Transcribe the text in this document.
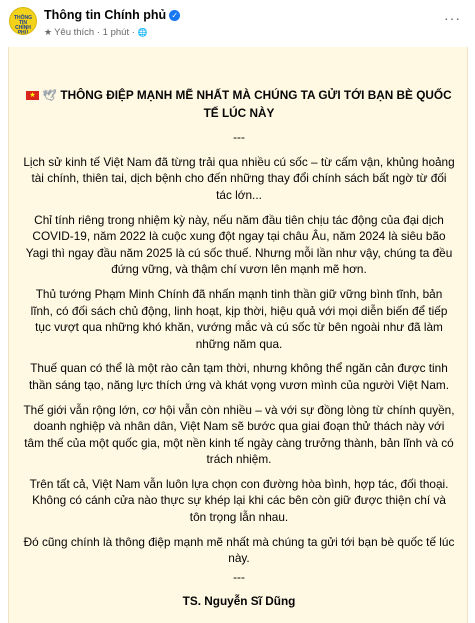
THÔNG TIN CHÍNH PHỦ
Thông tin Chính phủ ✓
★ Yêu thích · 1 phút · 🌐
···

★ 🕊 THÔNG ĐIỆP MẠNH MẼ NHẤT MÀ CHÚNG TA GỬI TỚI BẠN BÈ QUỐC TẾ LÚC NÀY

---

Lịch sử kinh tế Việt Nam đã từng trải qua nhiều cú sốc – từ cấm vận, khủng hoảng tài chính, thiên tai, dịch bệnh cho đến những thay đổi chính sách bất ngờ từ đối tác lớn...

Chỉ tính riêng trong nhiệm kỳ này, nếu năm đầu tiên chịu tác động của đại dịch COVID-19, năm 2022 là cuộc xung đột ngay tại châu Âu, năm 2024 là siêu bão Yagi thì ngay đầu năm 2025 là cú sốc thuế. Nhưng mỗi lần như vậy, chúng ta đều đứng vững, và thậm chí vươn lên mạnh mẽ hơn.

Thủ tướng Phạm Minh Chính đã nhấn mạnh tinh thần giữ vững bình tĩnh, bản lĩnh, có đối sách chủ động, linh hoạt, kịp thời, hiệu quả với mọi diễn biến để tiếp tục vượt qua những khó khăn, vướng mắc và cú sốc từ bên ngoài như đã làm những năm qua.

Thuế quan có thể là một rào cản tạm thời, nhưng không thể ngăn cản được tinh thần sáng tạo, năng lực thích ứng và khát vọng vươn mình của người Việt Nam.

Thế giới vẫn rộng lớn, cơ hội vẫn còn nhiều – và với sự đồng lòng từ chính quyền, doanh nghiệp và nhân dân, Việt Nam sẽ bước qua giai đoạn thử thách này với tâm thế của một quốc gia, một nền kinh tế ngày càng trưởng thành, bản lĩnh và có trách nhiệm.

Trên tất cả, Việt Nam vẫn luôn lựa chọn con đường hòa bình, hợp tác, đối thoại. Không có cánh cửa nào thực sự khép lại khi các bên còn giữ được thiện chí và tôn trọng lẫn nhau.

Đó cũng chính là thông điệp mạnh mẽ nhất mà chúng ta gửi tới bạn bè quốc tế lúc này.

---

TS. Nguyễn Sĩ Dũng
